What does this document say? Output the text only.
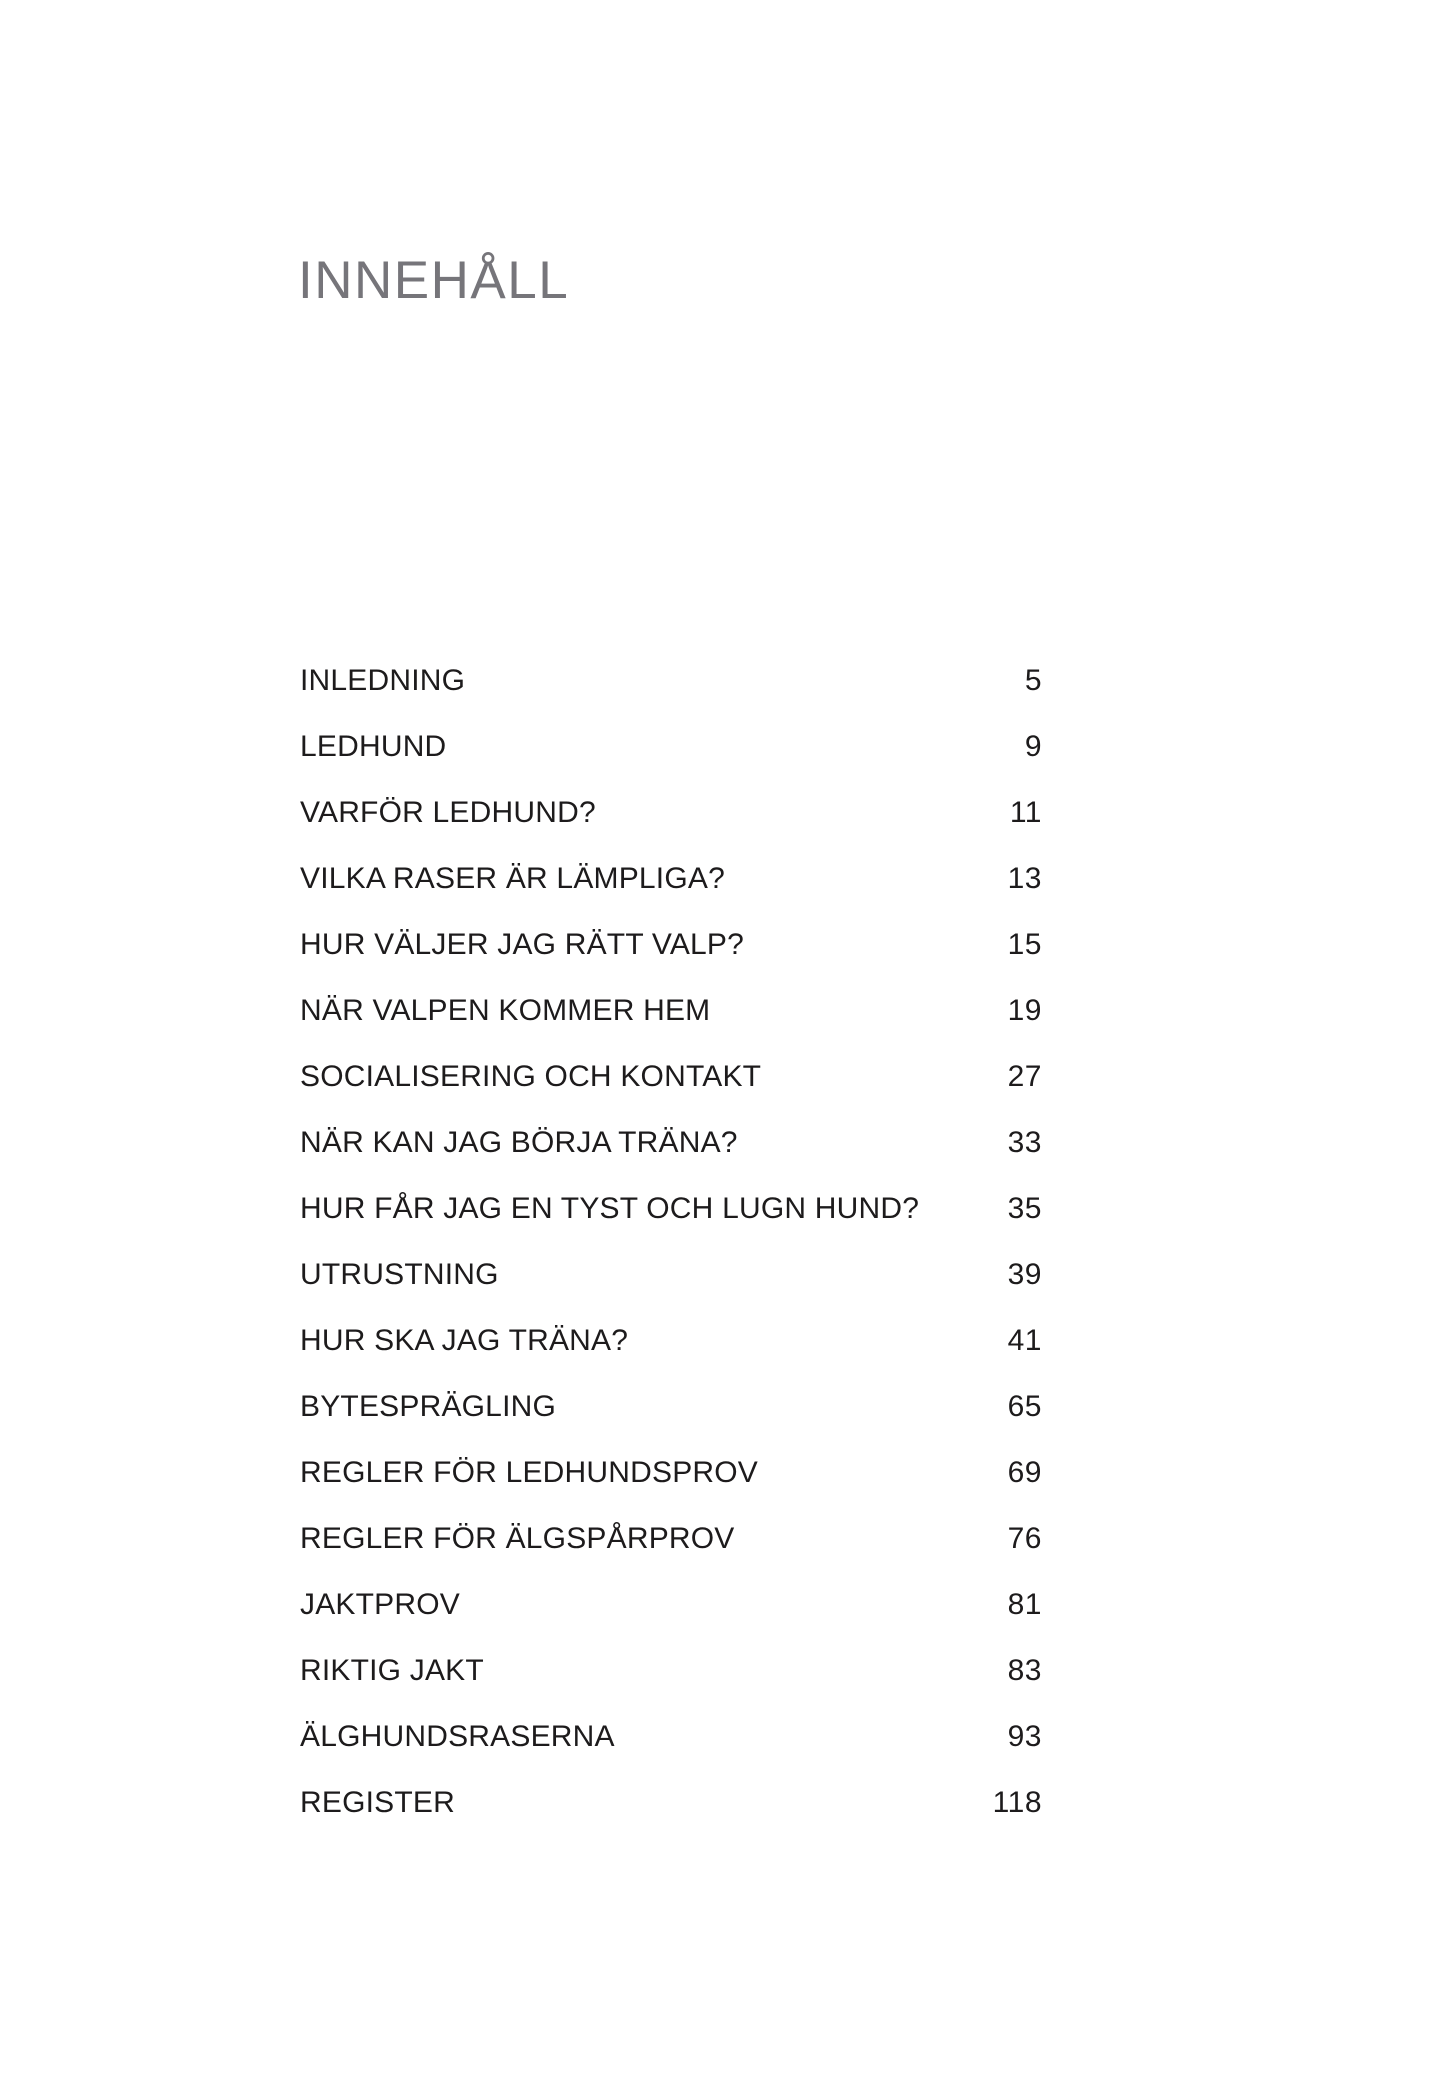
INNEHÅLL
INLEDNING	5
LEDHUND	9
VARFÖR LEDHUND?	11
VILKA RASER ÄR LÄMPLIGA?	13
HUR VÄLJER JAG RÄTT VALP?	15
NÄR VALPEN KOMMER HEM	19
SOCIALISERING OCH KONTAKT	27
NÄR KAN JAG BÖRJA TRÄNA?	33
HUR FÅR JAG EN TYST OCH LUGN HUND?	35
UTRUSTNING	39
HUR SKA JAG TRÄNA?	41
BYTESPRÄGLING	65
REGLER FÖR LEDHUNDSPROV	69
REGLER FÖR ÄLGSPÅRPROV	76
JAKTPROV	81
RIKTIG JAKT	83
ÄLGHUNDSRASERNA	93
REGISTER	118
